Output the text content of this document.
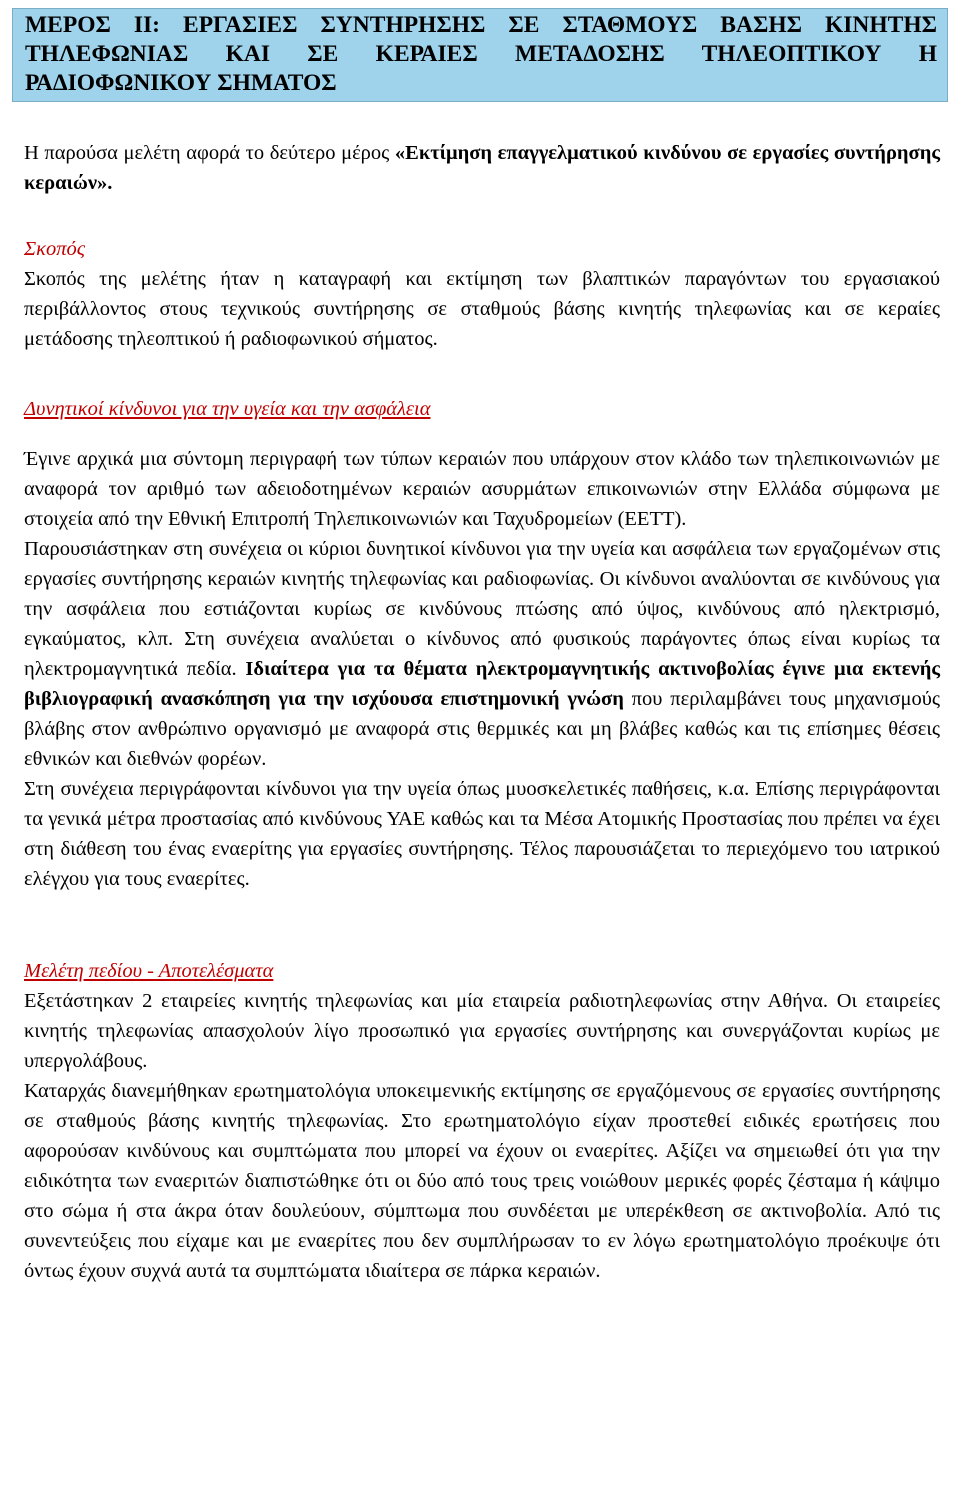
ΜΕΡΟΣ ΙΙ: ΕΡΓΑΣΙΕΣ ΣΥΝΤΗΡΗΣΗΣ ΣΕ ΣΤΑΘΜΟΥΣ ΒΑΣΗΣ ΚΙΝΗΤΗΣ ΤΗΛΕΦΩΝΙΑΣ ΚΑΙ ΣΕ ΚΕΡΑΙΕΣ ΜΕΤΑΔΟΣΗΣ ΤΗΛΕΟΠΤΙΚΟΥ Η ΡΑΔΙΟΦΩΝΙΚΟΥ ΣΗΜΑΤΟΣ

Η παρούσα μελέτη αφορά το δεύτερο μέρος «Εκτίμηση επαγγελματικού κινδύνου σε εργασίες συντήρησης κεραιών».

Σκοπός

Σκοπός της μελέτης ήταν η καταγραφή και εκτίμηση των βλαπτικών παραγόντων του εργασιακού περιβάλλοντος στους τεχνικούς συντήρησης σε σταθμούς βάσης κινητής τηλεφωνίας και σε κεραίες μετάδοσης τηλεοπτικού ή ραδιοφωνικού σήματος.

Δυνητικοί κίνδυνοι για την υγεία και την ασφάλεια

Έγινε αρχικά μια σύντομη περιγραφή των τύπων κεραιών που υπάρχουν στον κλάδο των τηλεπικοινωνιών με αναφορά τον αριθμό των αδειοδοτημένων κεραιών ασυρμάτων επικοινωνιών στην Ελλάδα σύμφωνα με στοιχεία από την Εθνική Επιτροπή Τηλεπικοινωνιών και Ταχυδρομείων (ΕΕΤΤ).

Παρουσιάστηκαν στη συνέχεια οι κύριοι δυνητικοί κίνδυνοι για την υγεία και ασφάλεια των εργαζομένων στις εργασίες συντήρησης κεραιών κινητής τηλεφωνίας και ραδιοφωνίας. Οι κίνδυνοι αναλύονται σε κινδύνους για την ασφάλεια που εστιάζονται κυρίως σε κινδύνους πτώσης από ύψος, κινδύνους από ηλεκτρισμό, εγκαύματος, κλπ. Στη συνέχεια αναλύεται ο κίνδυνος από φυσικούς παράγοντες όπως είναι κυρίως τα ηλεκτρομαγνητικά πεδία. Ιδιαίτερα για τα θέματα ηλεκτρομαγνητικής ακτινοβολίας έγινε μια εκτενής βιβλιογραφική ανασκόπηση για την ισχύουσα επιστημονική γνώση που περιλαμβάνει τους μηχανισμούς βλάβης στον ανθρώπινο οργανισμό με αναφορά στις θερμικές και μη βλάβες καθώς και τις επίσημες θέσεις εθνικών και διεθνών φορέων.

Στη συνέχεια περιγράφονται κίνδυνοι για την υγεία όπως μυοσκελετικές παθήσεις, κ.α. Επίσης περιγράφονται τα γενικά μέτρα προστασίας από κινδύνους ΥΑΕ καθώς και τα Μέσα Ατομικής Προστασίας που πρέπει να έχει στη διάθεση του ένας εναερίτης για εργασίες συντήρησης. Τέλος παρουσιάζεται το περιεχόμενο του ιατρικού ελέγχου για τους εναερίτες.

Μελέτη πεδίου - Αποτελέσματα

Εξετάστηκαν 2 εταιρείες κινητής τηλεφωνίας και μία εταιρεία ραδιοτηλεφωνίας στην Αθήνα. Οι εταιρείες κινητής τηλεφωνίας απασχολούν λίγο προσωπικό για εργασίες συντήρησης και συνεργάζονται κυρίως με υπεργολάβους.

Καταρχάς διανεμήθηκαν ερωτηματολόγια υποκειμενικής εκτίμησης σε εργαζόμενους σε εργασίες συντήρησης σε σταθμούς βάσης κινητής τηλεφωνίας. Στο ερωτηματολόγιο είχαν προστεθεί ειδικές ερωτήσεις που αφορούσαν κινδύνους και συμπτώματα που μπορεί να έχουν οι εναερίτες. Αξίζει να σημειωθεί ότι για την ειδικότητα των εναεριτών διαπιστώθηκε ότι οι δύο από τους τρεις νοιώθουν μερικές φορές ζέσταμα ή κάψιμο στο σώμα ή στα άκρα όταν δουλεύουν, σύμπτωμα που συνδέεται με υπερέκθεση σε ακτινοβολία. Από τις συνεντεύξεις που είχαμε και με εναερίτες που δεν συμπλήρωσαν το εν λόγω ερωτηματολόγιο προέκυψε ότι όντως έχουν συχνά αυτά τα συμπτώματα ιδιαίτερα σε πάρκα κεραιών.
